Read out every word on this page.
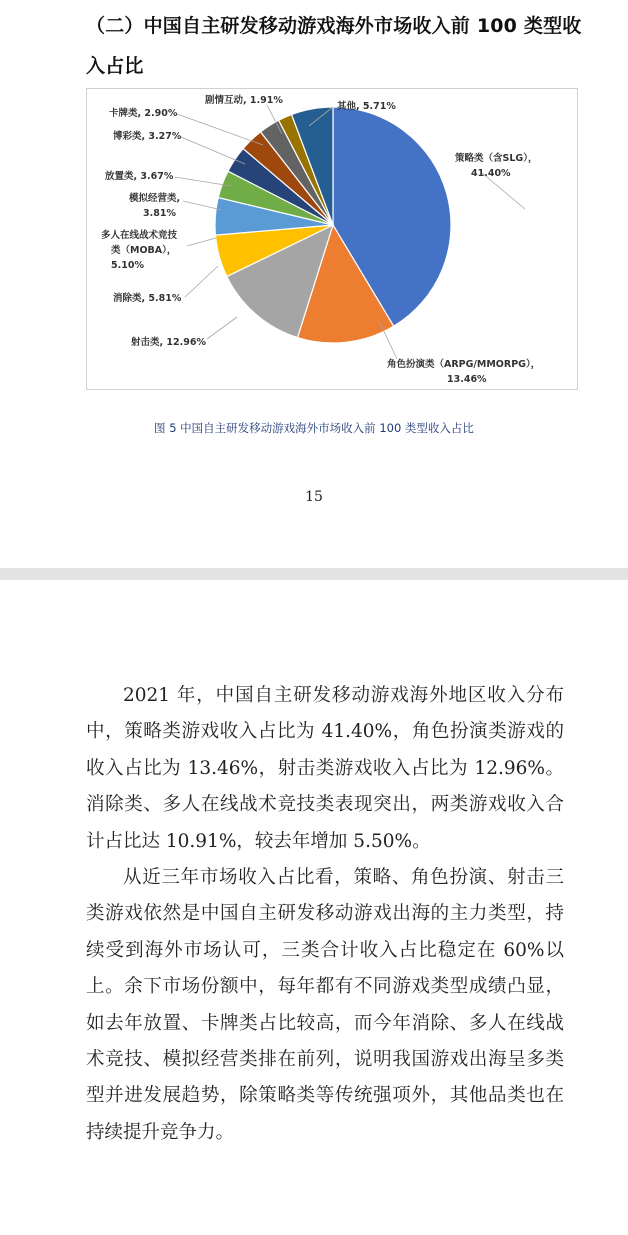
（二）中国自主研发移动游戏海外市场收入前 100 类型收入占比
策略类（含SLG）， 41.40%
角色扮演类（ARPG/MMORPG）， 13.46%
射击类, 12.96%
消除类, 5.81%
多人在线战术竞技类（MOBA）， 5.10%
模拟经营类, 3.81%
放置类, 3.67%
博彩类, 3.27%
卡牌类, 2.90%
剧情互动, 1.91%
其他, 5.71%
图 5 中国自主研发移动游戏海外市场收入前 100 类型收入占比
15

2021 年，中国自主研发移动游戏海外地区收入分布中，策略类游戏收入占比为 41.40%，角色扮演类游戏的收入占比为 13.46%，射击类游戏收入占比为 12.96%。消除类、多人在线战术竞技类表现突出，两类游戏收入合计占比达 10.91%，较去年增加 5.50%。

从近三年市场收入占比看，策略、角色扮演、射击三类游戏依然是中国自主研发移动游戏出海的主力类型，持续受到海外市场认可，三类合计收入占比稳定在 60%以上。余下市场份额中，每年都有不同游戏类型成绩凸显，如去年放置、卡牌类占比较高，而今年消除、多人在线战术竞技、模拟经营类排在前列，说明我国游戏出海呈多类型并进发展趋势，除策略类等传统强项外，其他品类也在持续提升竞争力。
